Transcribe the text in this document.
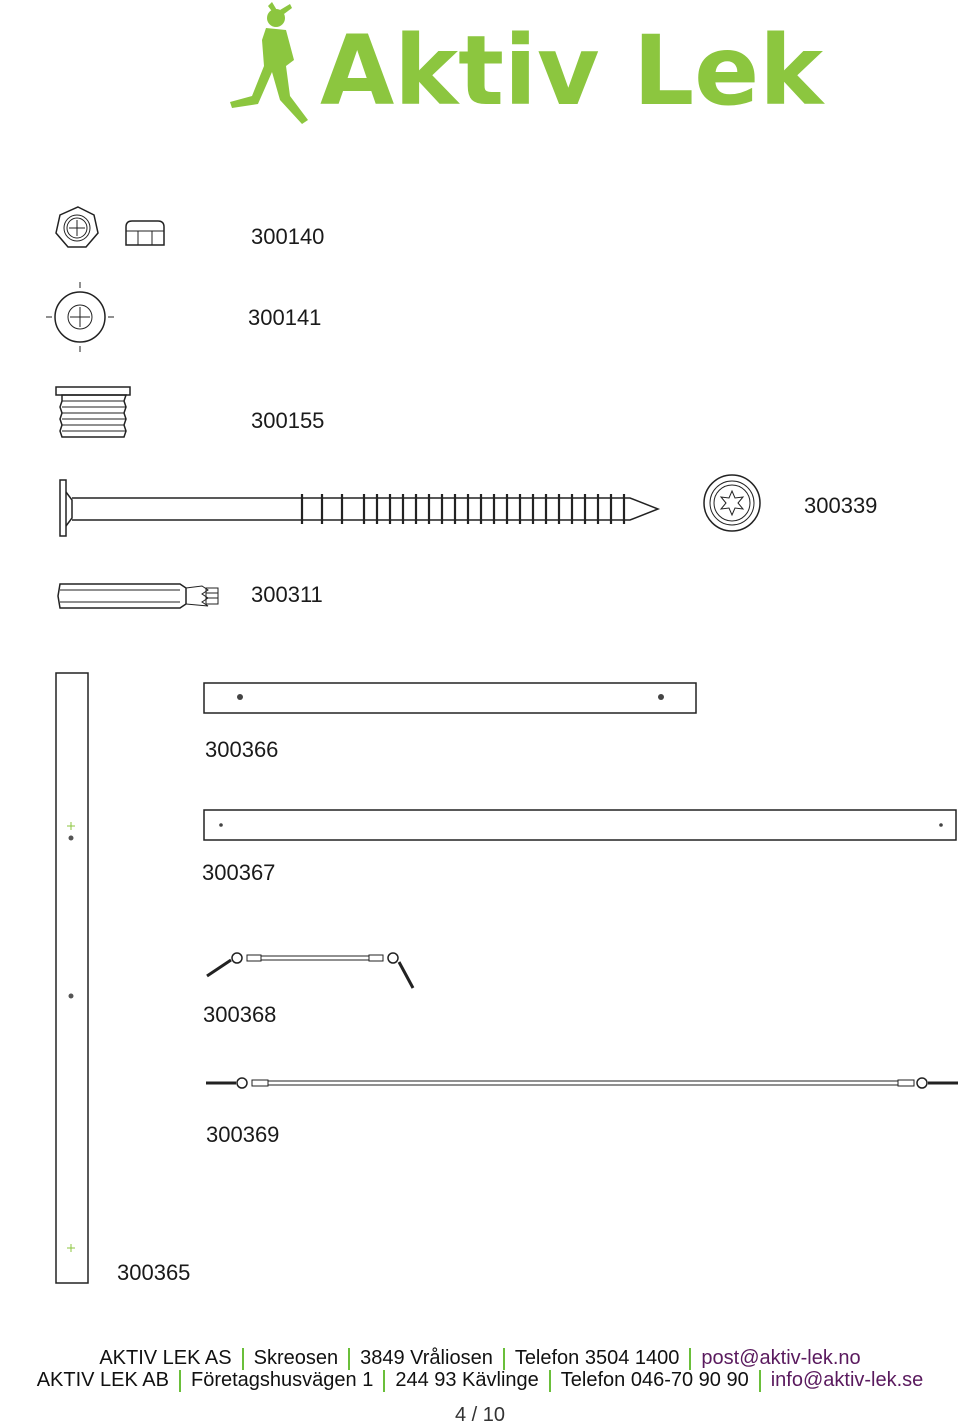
Aktiv Lek
300140
300141
300155
300339
300311
300366
300367
300368
300369
300365
AKTIV LEK AS	Skreosen	3849 Vråliosen	Telefon 3504 1400	post@aktiv-lek.no
AKTIV LEK AB	Företagshusvägen 1	244 93 Kävlinge	Telefon 046-70 90 90	info@aktiv-lek.se
4 / 10
